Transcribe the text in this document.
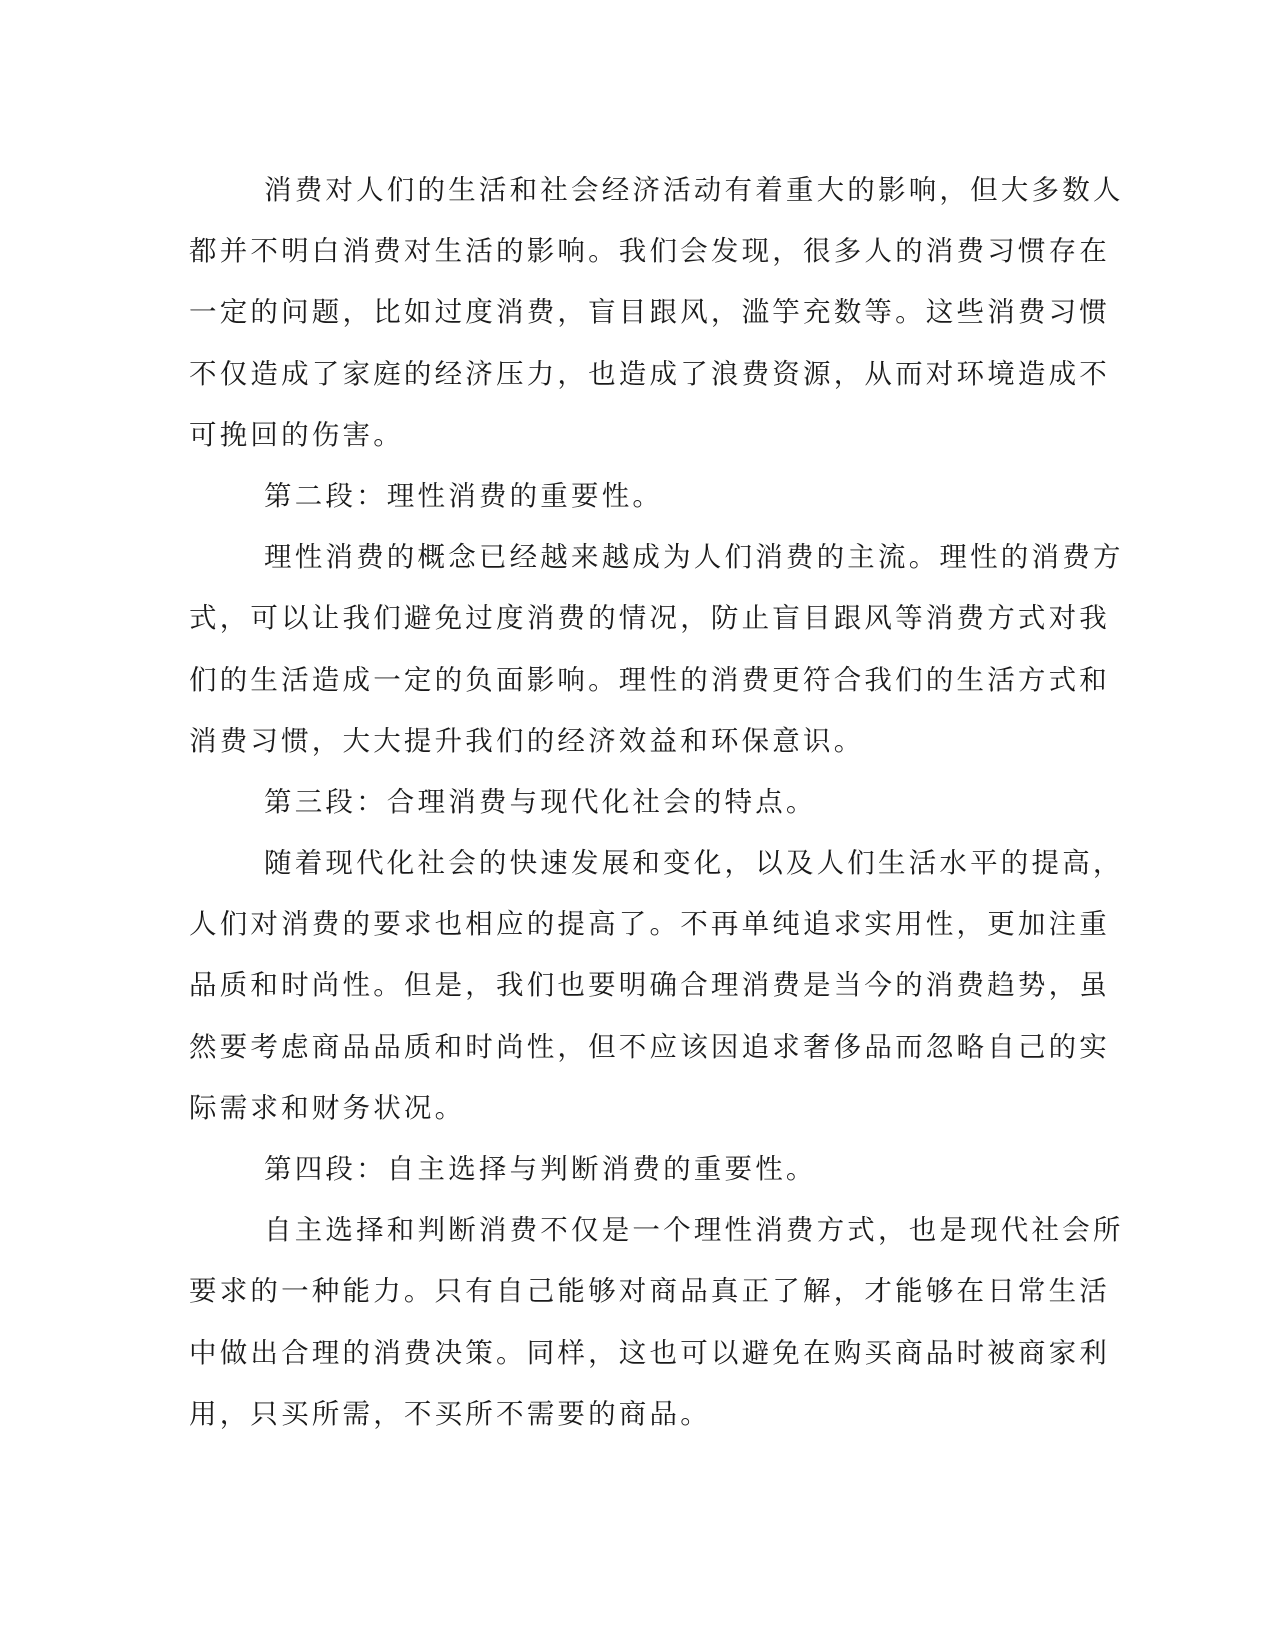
消费对人们的生活和社会经济活动有着重大的影响，但大多数人
都并不明白消费对生活的影响。我们会发现，很多人的消费习惯存在
一定的问题，比如过度消费，盲目跟风，滥竽充数等。这些消费习惯
不仅造成了家庭的经济压力，也造成了浪费资源，从而对环境造成不
可挽回的伤害。
第二段：理性消费的重要性。
理性消费的概念已经越来越成为人们消费的主流。理性的消费方
式，可以让我们避免过度消费的情况，防止盲目跟风等消费方式对我
们的生活造成一定的负面影响。理性的消费更符合我们的生活方式和
消费习惯，大大提升我们的经济效益和环保意识。
第三段：合理消费与现代化社会的特点。
随着现代化社会的快速发展和变化，以及人们生活水平的提高，
人们对消费的要求也相应的提高了。不再单纯追求实用性，更加注重
品质和时尚性。但是，我们也要明确合理消费是当今的消费趋势，虽
然要考虑商品品质和时尚性，但不应该因追求奢侈品而忽略自己的实
际需求和财务状况。
第四段：自主选择与判断消费的重要性。
自主选择和判断消费不仅是一个理性消费方式，也是现代社会所
要求的一种能力。只有自己能够对商品真正了解，才能够在日常生活
中做出合理的消费决策。同样，这也可以避免在购买商品时被商家利
用，只买所需，不买所不需要的商品。
